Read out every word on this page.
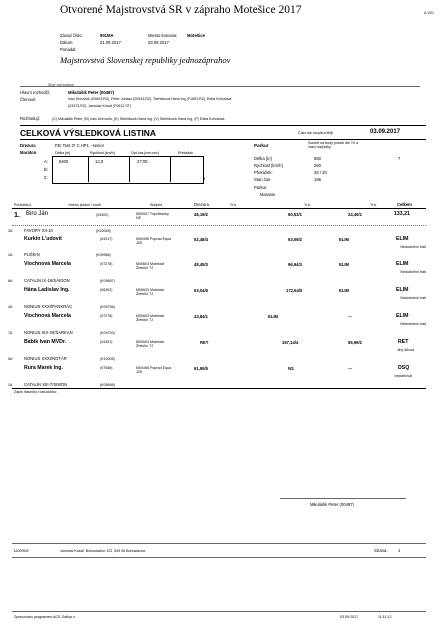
A-V01
Otvorené Majstrovstvá SR v zápraho Motešice 2017
Závod číslo:	901MA	Miesto konania: Motešice
Dátum:	01.09.2017	03.09.2017
Poriadal:
Majstrovstvá Slovenskej republiky jednozáprahov
Sbor rozhodcích
Hlavní rozhodčí:	Mikulášik Peter (00497)
Členové:	Ivan Uhrovčík (00602,RZ), Peter Juhász (00943,RZ), Stehlíková Hana Ing (F1893,RZ), Edita Kohútová
(03373,RZ), Jaroslav Kosář (F0612,ST)
Rozhodují:	(C) Mikulášik Peter, (B) Ivan Uhrovčík, (E) Stehlíková Hana Ing, (V) Stehlíková Hana Ing, (P) Edita Kohútová
CELKOVÁ VÝSLEDKOVÁ LISTINA	Číslo die rozpisu:04@	03.09.2017
Drezura	FEI Test 3* C HP1 - senior
Maraton	Délka [m]	Rychlost [km/h]	Opt.čas [min:sec]	Překážek
A:	5400	12,0	27:00
B:
Σ:	5
Parkur	Součet na body pořadí die Tři a
času rozjížďky
Délka [m]	650	7
Rychlost [km/h]	250
Překážek:	26 / 20
Stan.čas	156
Parkur
Maraton
Pořadí/id.č.	Jméno jezdce / koně	Subjekt	Drezura	Tr.b.	Tr.b.	Tr.b.	Celkem
1. Biro Ján	(03402)	M00007 Topoľčianky
NŽ
48,19/2	60,53/1	24,49/1	133,21
3A	FAVORY XII-10	(K10045)
Kurkin L'udovít	(04317)	M00496 Poprad Equa
JZK
52,48/4	63,09/2	ELIM	ELIM
Nedodržení trati
2A	PUŠKIN	(K09966)
Viochnová Marcela	(07278)	M00603 Motešice
Žrebčín TJ
48,45/3	96,94/3	ELIM	ELIM
Nedodržení trati
6A	CATALIN IX-16/SAIGON	(K09697)
Hána Ladislav Ing.	(06392)	M00603 Motešice
Žrebčín TJ
63,04/6	172,64/5	ELIM	ELIM
Nedodržení trati
4A	NONIUS XXXI/PANKRÁC	(K09756)
Viochnová Marcela	(07278)	M00603 Motešice
Žrebčín TJ
43,84/1	ELIM	---	ELIM
Nedodržení trati
7A	NONIUS XIX-20/ŠARKAN	(K09753)
Babik Ivan MVDr.	(04351)	M00603 Motešice
Žrebčín TJ
RET	157,14/4	55,99/2	RET
Jiný důvod
5A	NONIUS XXXI/NOTÁR	(K10005)
Rura Marek Ing.	(07558)	M00496 Poprad Equa
JZK
61,95/5	NS	---	DSQ
nestartoval
1A	CATALIN XIII-7/SIMON	(K09698)
Zápis hlavního rozhodčího:
Mikulášik Peter (00497)
Licence:	Jaroslav Kosář, Bohuslavice 123, 549 06 Bohuslavice	Strana: 1
Zpracováno programem ACE-Gallop v.	03.09.2017	11:11:12
